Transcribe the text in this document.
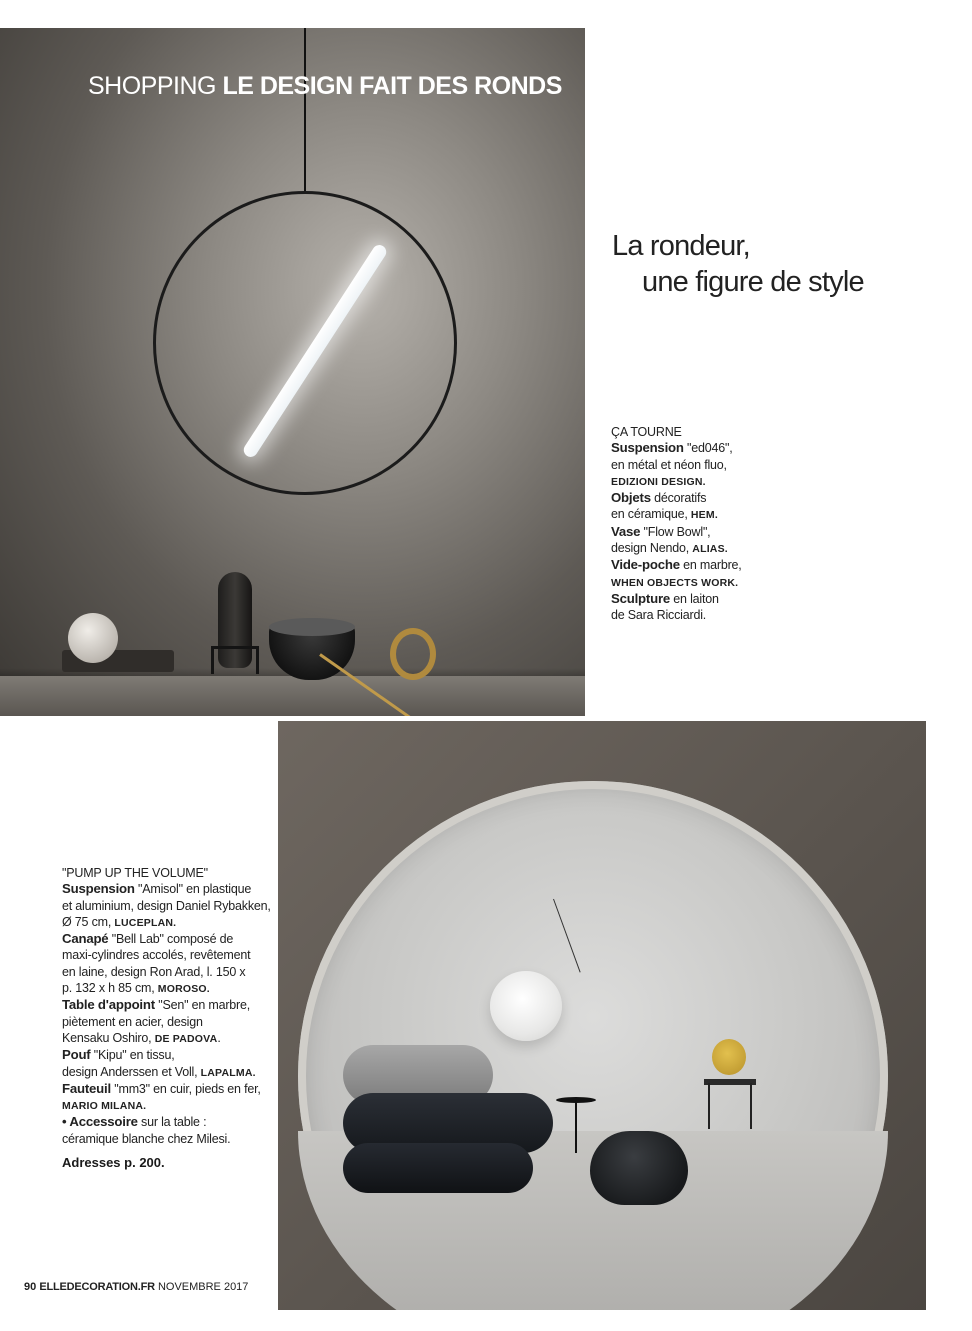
SHOPPING LE DESIGN FAIT DES RONDS
La rondeur,
une figure de style
ÇA TOURNE
Suspension "ed046",
en métal et néon fluo,
EDIZIONI DESIGN.
Objets décoratifs
en céramique, HEM.
Vase "Flow Bowl",
design Nendo, ALIAS.
Vide-poche en marbre,
WHEN OBJECTS WORK.
Sculpture en laiton
de Sara Ricciardi.
"PUMP UP THE VOLUME"
Suspension "Amisol" en plastique
et aluminium, design Daniel Rybakken,
Ø 75 cm, LUCEPLAN.
Canapé "Bell Lab" composé de
maxi-cylindres accolés, revêtement
en laine, design Ron Arad, l. 150 x
p. 132 x h 85 cm, MOROSO.
Table d'appoint "Sen" en marbre,
piètement en acier, design
Kensaku Oshiro, DE PADOVA.
Pouf "Kipu" en tissu,
design Anderssen et Voll, LAPALMA.
Fauteuil "mm3" en cuir, pieds en fer,
MARIO MILANA.
• Accessoire sur la table :
céramique blanche chez Milesi.

Adresses p. 200.

90 ELLEDECORATION.FR NOVEMBRE 2017
